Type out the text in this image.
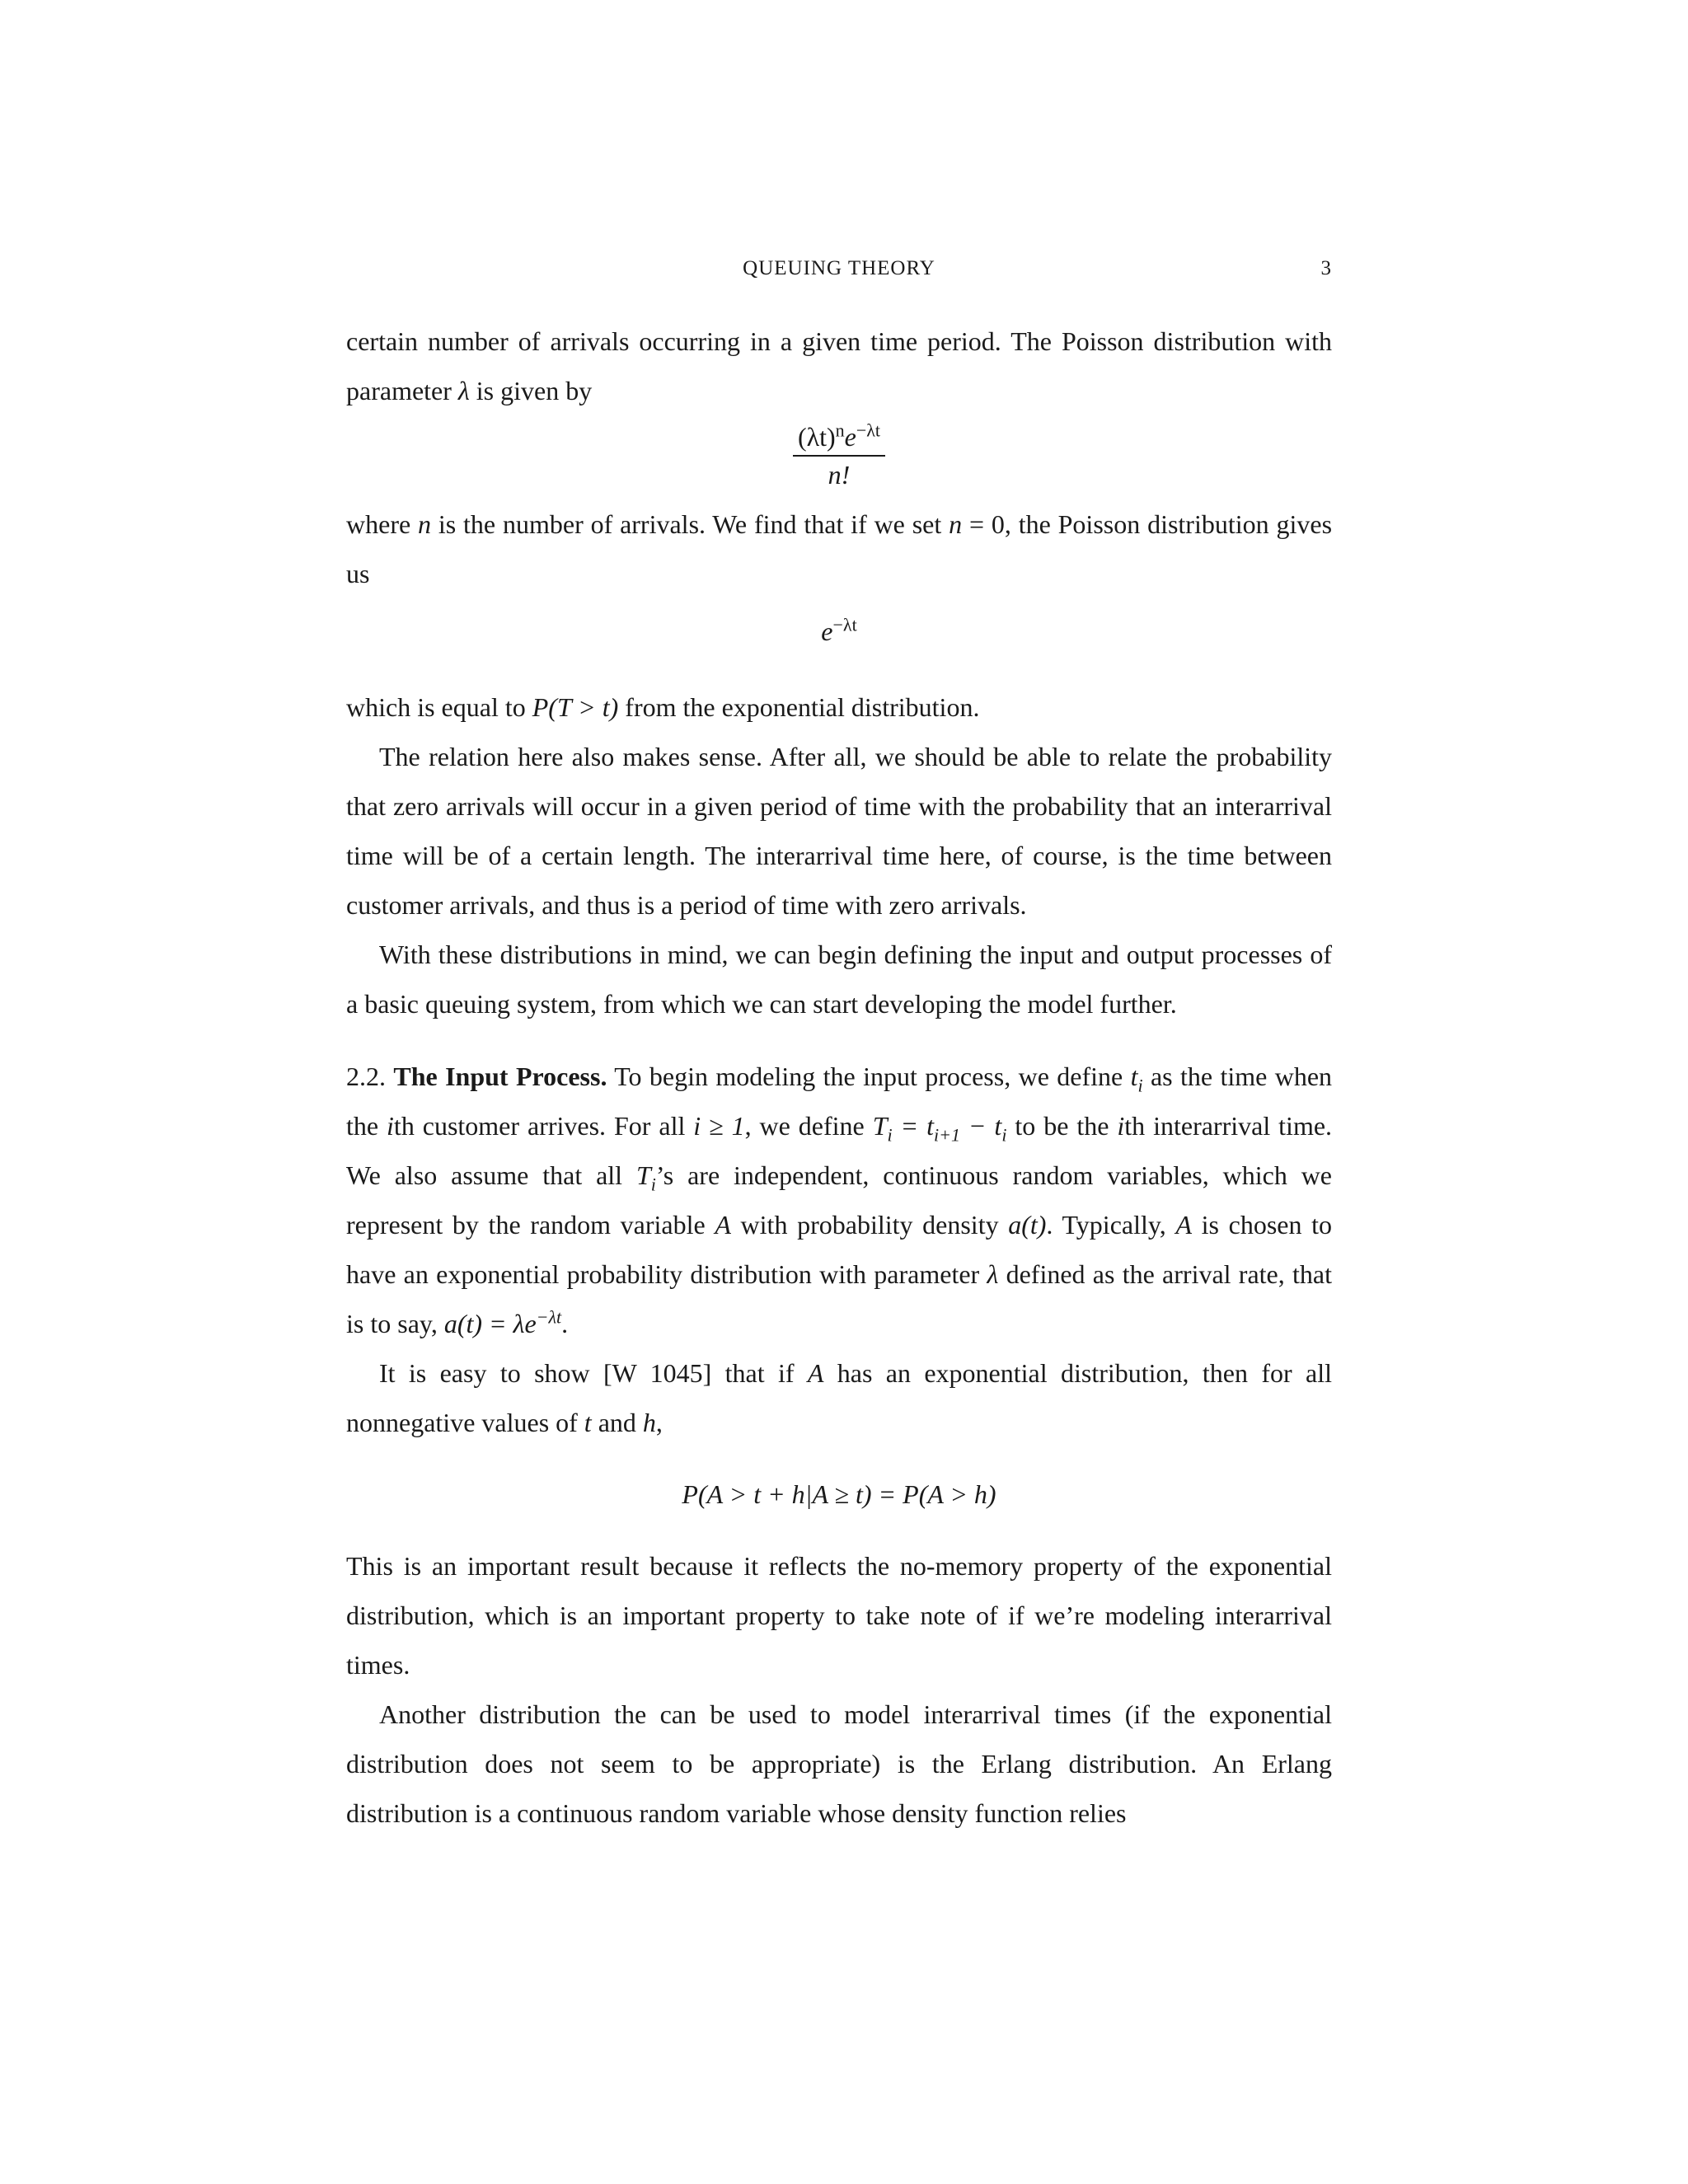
QUEUING THEORY	3

certain number of arrivals occurring in a given time period. The Poisson distribution with parameter λ is given by

$\frac{(\lambda t)^ne^{-\lambda t}}{n!}$

where n is the number of arrivals. We find that if we set n = 0, the Poisson distribution gives us

$e^{-\lambda t}$

which is equal to P(T > t) from the exponential distribution.

The relation here also makes sense. After all, we should be able to relate the probability that zero arrivals will occur in a given period of time with the probability that an interarrival time will be of a certain length. The interarrival time here, of course, is the time between customer arrivals, and thus is a period of time with zero arrivals.

With these distributions in mind, we can begin defining the input and output processes of a basic queuing system, from which we can start developing the model further.

2.2. The Input Process. To begin modeling the input process, we define $t_i$ as the time when the ith customer arrives. For all i ≥ 1, we define $T_i = t_{i+1} - t_i$ to be the ith interarrival time. We also assume that all $T_i’s$ are independent, continuous random variables, which we represent by the random variable A with probability density a(t). Typically, A is chosen to have an exponential probability distribution with parameter λ defined as the arrival rate, that is to say, $a(t) = \lambda e^{-\lambda t}$.

It is easy to show [W 1045] that if A has an exponential distribution, then for all nonnegative values of t and h,

P(A > t + h|A ≥ t) = P(A > h)

This is an important result because it reflects the no-memory property of the exponential distribution, which is an important property to take note of if we’re modeling interarrival times.

Another distribution the can be used to model interarrival times (if the exponential distribution does not seem to be appropriate) is the Erlang distribution. An Erlang distribution is a continuous random variable whose density function relies
